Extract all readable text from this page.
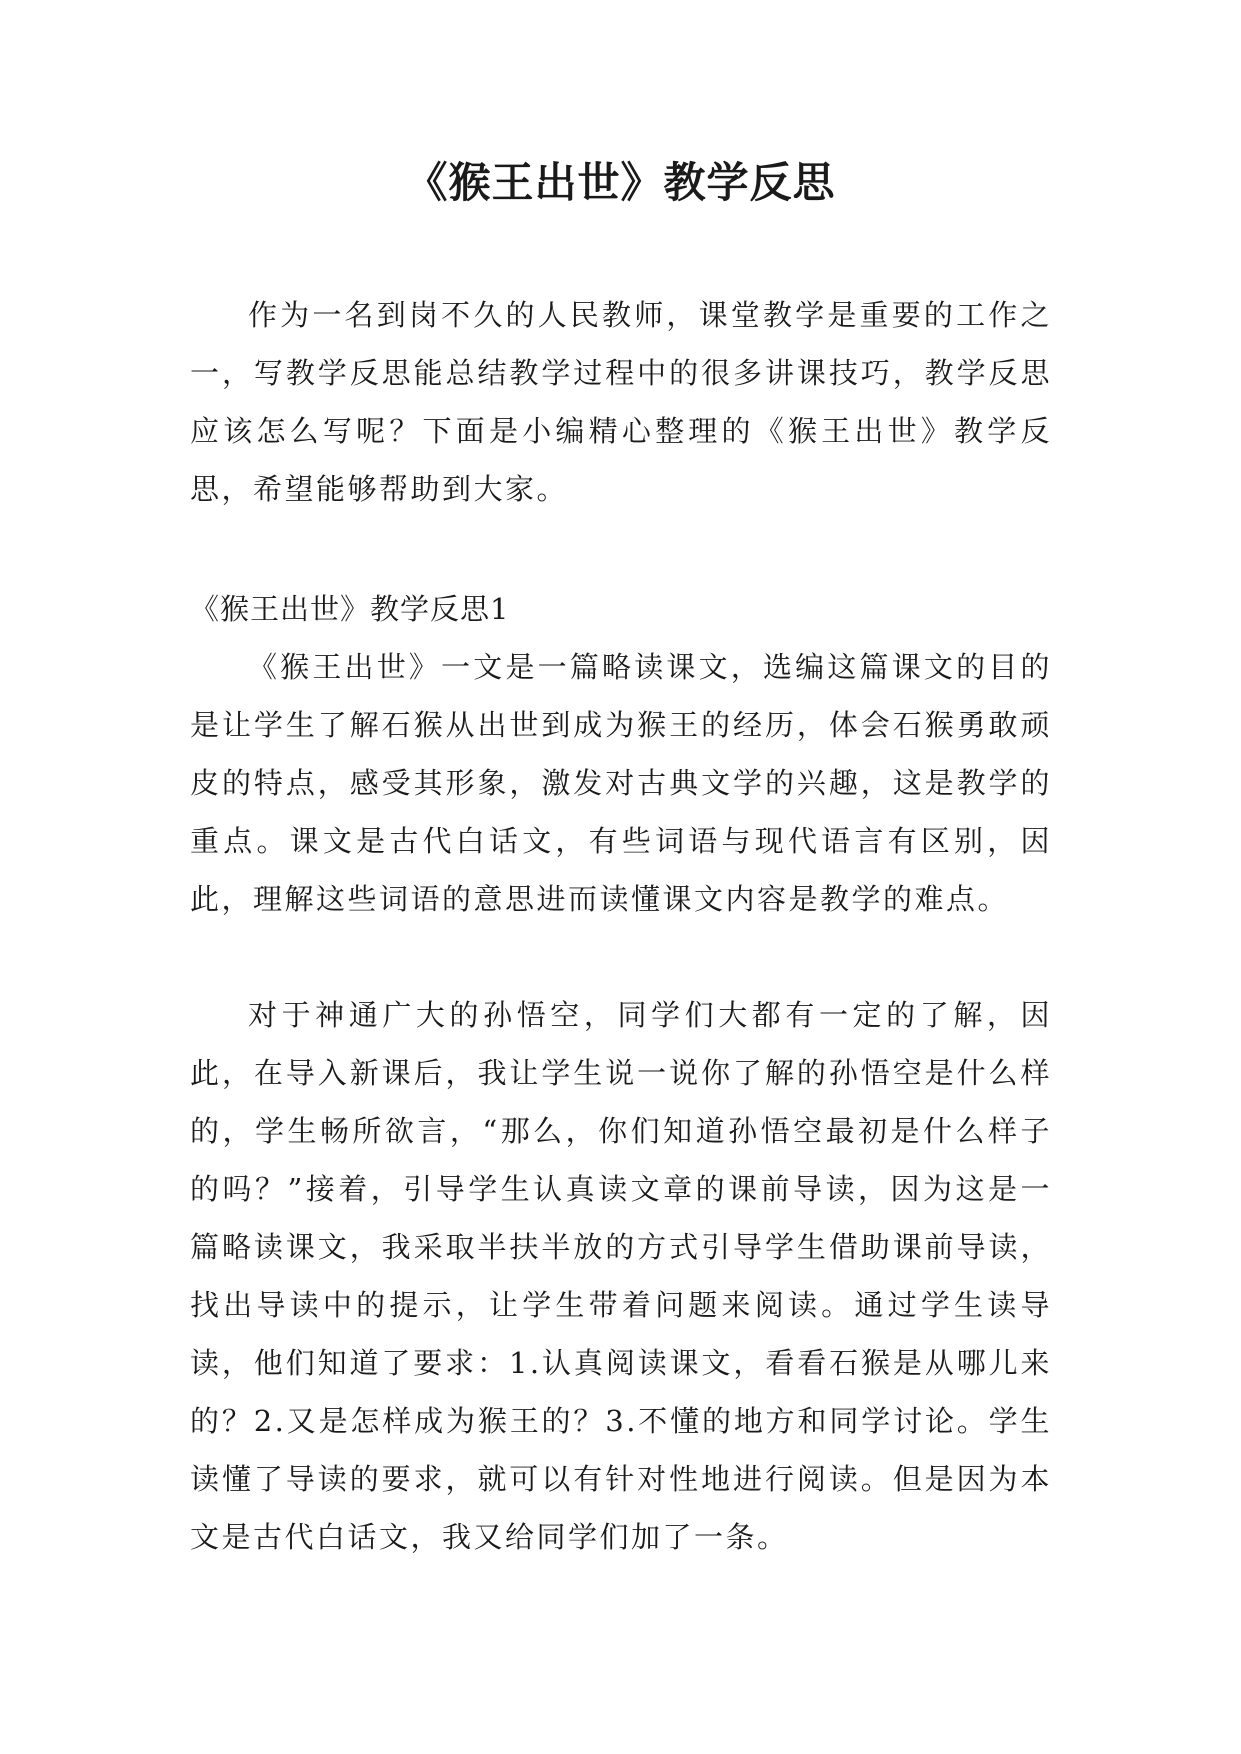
《猴王出世》教学反思

作为一名到岗不久的人民教师，课堂教学是重要的工作之一，写教学反思能总结教学过程中的很多讲课技巧，教学反思应该怎么写呢？下面是小编精心整理的《猴王出世》教学反思，希望能够帮助到大家。

《猴王出世》教学反思1

《猴王出世》一文是一篇略读课文，选编这篇课文的目的是让学生了解石猴从出世到成为猴王的经历，体会石猴勇敢顽皮的特点，感受其形象，激发对古典文学的兴趣，这是教学的重点。课文是古代白话文，有些词语与现代语言有区别，因此，理解这些词语的意思进而读懂课文内容是教学的难点。

对于神通广大的孙悟空，同学们大都有一定的了解，因此，在导入新课后，我让学生说一说你了解的孙悟空是什么样的，学生畅所欲言，“那么，你们知道孙悟空最初是什么样子的吗？”接着，引导学生认真读文章的课前导读，因为这是一篇略读课文，我采取半扶半放的方式引导学生借助课前导读，找出导读中的提示，让学生带着问题来阅读。通过学生读导读，他们知道了要求：1.认真阅读课文，看看石猴是从哪儿来的？2.又是怎样成为猴王的？3.不懂的地方和同学讨论。学生读懂了导读的要求，就可以有针对性地进行阅读。但是因为本文是古代白话文，我又给同学们加了一条。
